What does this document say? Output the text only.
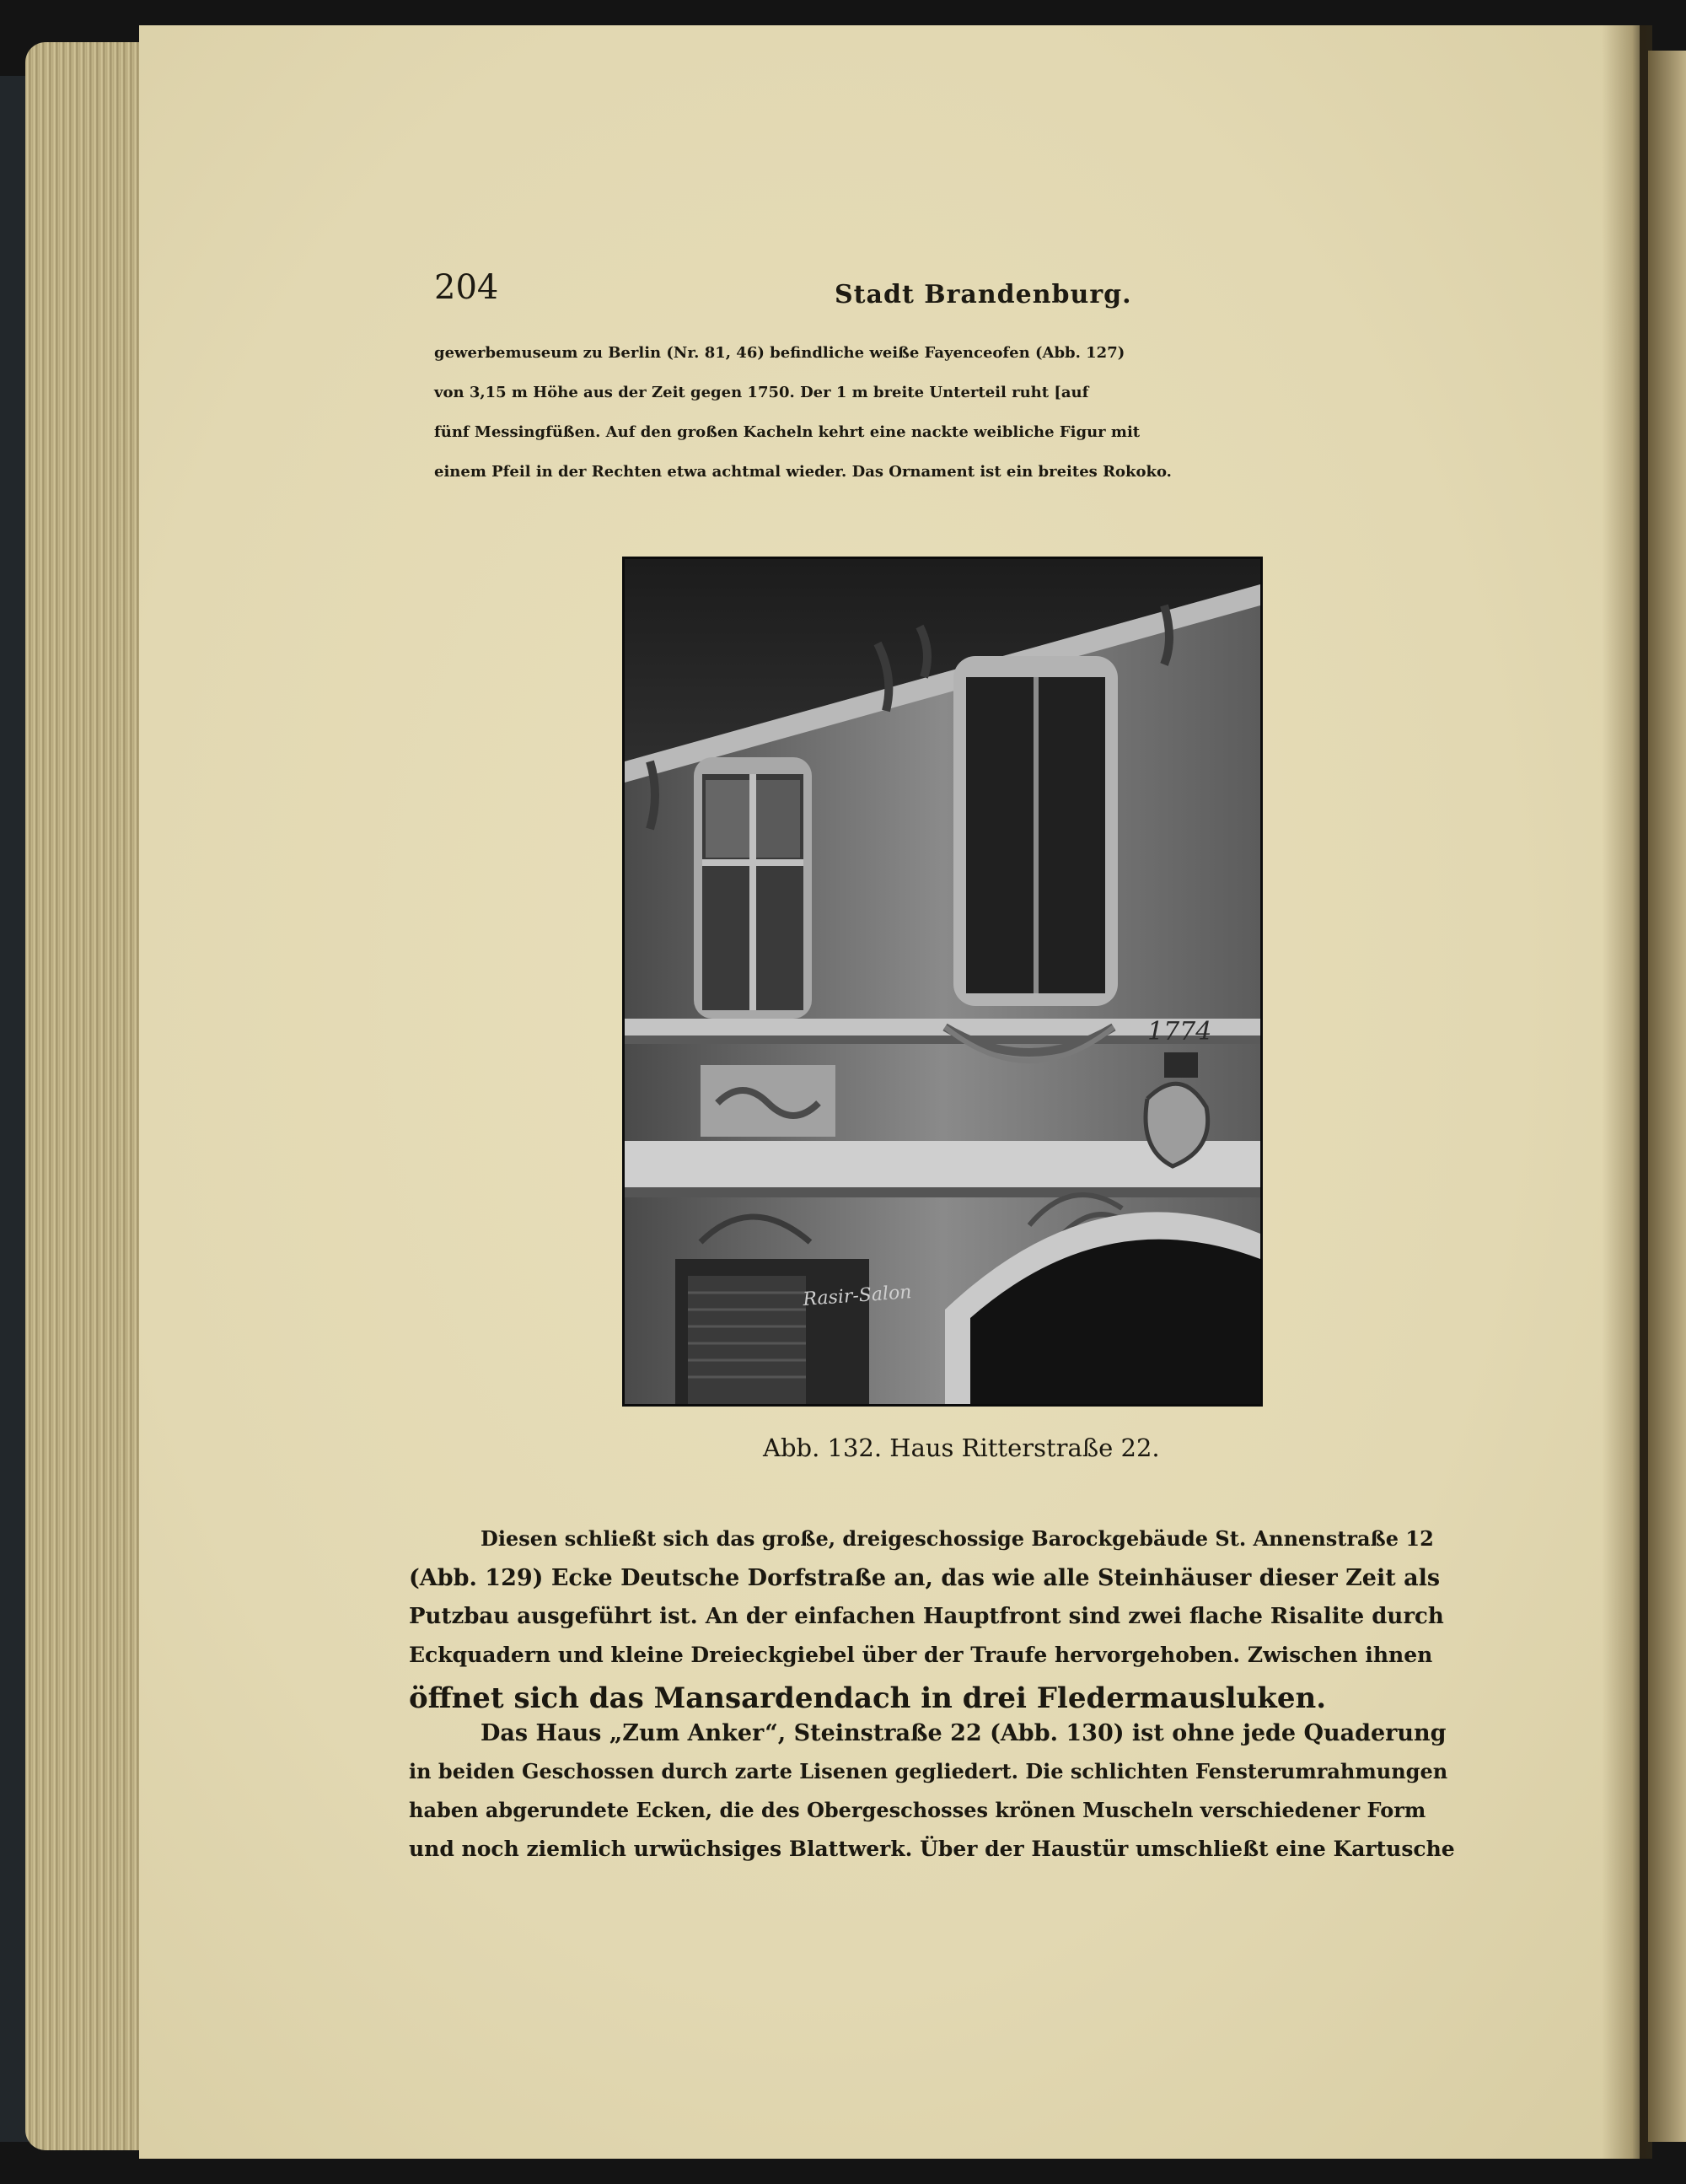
204	Stadt Brandenburg.
gewerbemuseum zu Berlin (Nr. 81, 46) befindliche weiße Fayenceofen (Abb. 127)
von 3,15 m Höhe aus der Zeit gegen 1750. Der 1 m breite Unterteil ruht [auf
fünf Messingfüßen. Auf den großen Kacheln kehrt eine nackte weibliche Figur mit
einem Pfeil in der Rechten etwa achtmal wieder. Das Ornament ist ein breites Rokoko.
1774
Rasir-Salon
Abb. 132. Haus Ritterstraße 22.
Diesen schließt sich das große, dreigeschossige Barockgebäude St. Annenstraße 12
(Abb. 129) Ecke Deutsche Dorfstraße an, das wie alle Steinhäuser dieser Zeit als
Putzbau ausgeführt ist. An der einfachen Hauptfront sind zwei flache Risalite durch
Eckquadern und kleine Dreieckgiebel über der Traufe hervorgehoben. Zwischen ihnen
öffnet sich das Mansardendach in drei Fledermausluken.
Das Haus „Zum Anker“, Steinstraße 22 (Abb. 130) ist ohne jede Quaderung
in beiden Geschossen durch zarte Lisenen gegliedert. Die schlichten Fensterumrahmungen
haben abgerundete Ecken, die des Obergeschosses krönen Muscheln verschiedener Form
und noch ziemlich urwüchsiges Blattwerk. Über der Haustür umschließt eine Kartusche
